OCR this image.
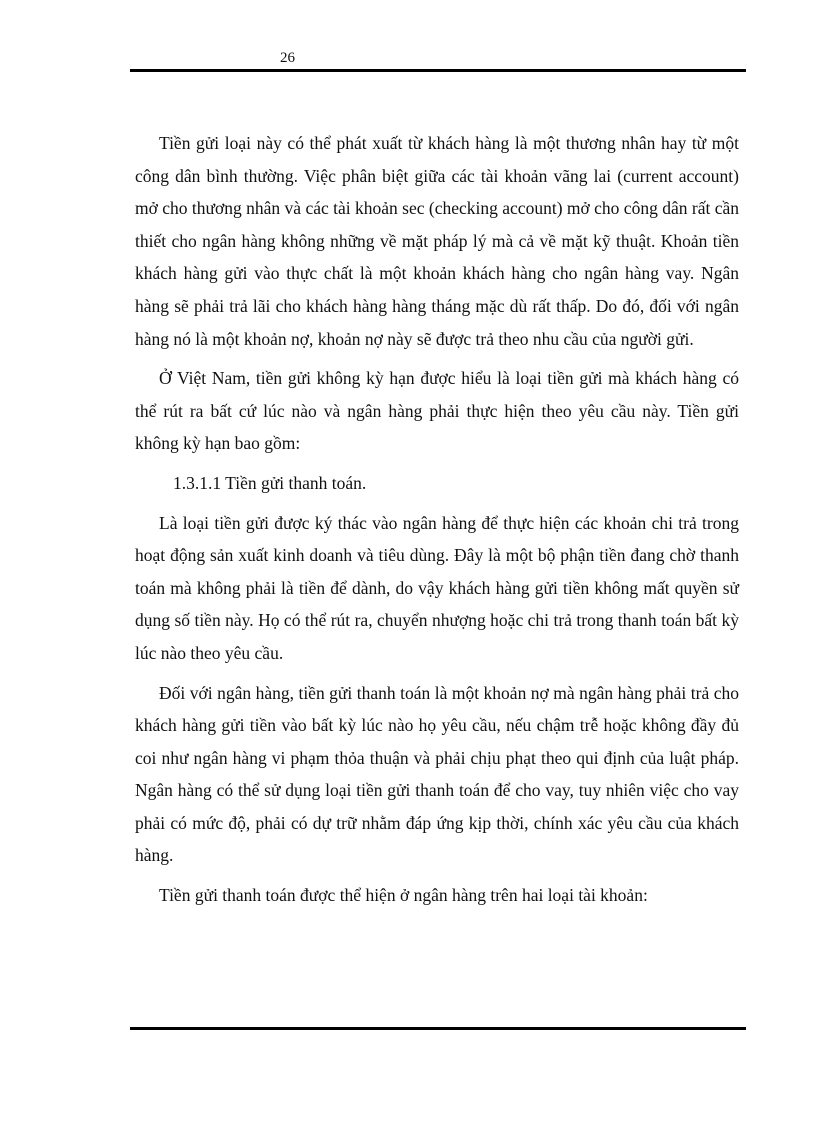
26

Tiền gửi loại này có thể phát xuất từ khách hàng là một thương nhân hay từ một công dân bình thường. Việc phân biệt giữa các tài khoản vãng lai (current account) mở cho thương nhân và các tài khoản sec (checking account) mở cho công dân rất cần thiết cho ngân hàng không những về mặt pháp lý mà cả về mặt kỹ thuật. Khoản tiền khách hàng gửi vào thực chất là một khoản khách hàng cho ngân hàng vay. Ngân hàng sẽ phải trả lãi cho khách hàng hàng tháng mặc dù rất thấp. Do đó, đối với ngân hàng nó là một khoản nợ, khoản nợ này sẽ được trả theo nhu cầu của người gửi.

Ở Việt Nam, tiền gửi không kỳ hạn được hiểu là loại tiền gửi mà khách hàng có thể rút ra bất cứ lúc nào và ngân hàng phải thực hiện theo yêu cầu này. Tiền gửi không kỳ hạn bao gồm:

1.3.1.1 Tiền gửi thanh toán.

Là loại tiền gửi được ký thác vào ngân hàng để thực hiện các khoản chi trả trong hoạt động sản xuất kinh doanh và tiêu dùng. Đây là một bộ phận tiền đang chờ thanh toán mà không phải là tiền để dành, do vậy khách hàng gửi tiền không mất quyền sử dụng số tiền này. Họ có thể rút ra, chuyển nhượng hoặc chi trả trong thanh toán bất kỳ lúc nào theo yêu cầu.

Đối với ngân hàng, tiền gửi thanh toán là một khoản nợ mà ngân hàng phải trả cho khách hàng gửi tiền vào bất kỳ lúc nào họ yêu cầu, nếu chậm trễ hoặc không đầy đủ coi như ngân hàng vi phạm thỏa thuận và phải chịu phạt theo qui định của luật pháp. Ngân hàng có thể sử dụng loại tiền gửi thanh toán để cho vay, tuy nhiên việc cho vay phải có mức độ, phải có dự trữ nhằm đáp ứng kịp thời, chính xác yêu cầu của khách hàng.

Tiền gửi thanh toán được thể hiện ở ngân hàng trên hai loại tài khoản:
